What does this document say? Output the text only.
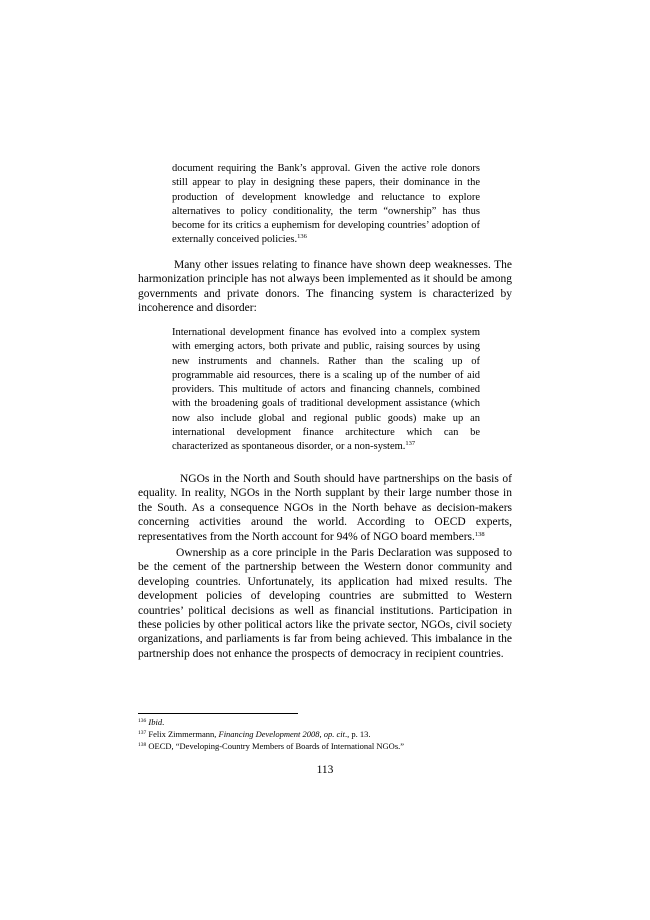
document requiring the Bank’s approval. Given the active role donors still appear to play in designing these papers, their dominance in the production of development knowledge and reluctance to explore alternatives to policy conditionality, the term “ownership” has thus become for its critics a euphemism for developing countries’ adoption of externally conceived policies.$^{136}$

Many other issues relating to finance have shown deep weaknesses. The harmonization principle has not always been implemented as it should be among governments and private donors. The financing system is characterized by incoherence and disorder:

International development finance has evolved into a complex system with emerging actors, both private and public, raising sources by using new instruments and channels. Rather than the scaling up of programmable aid resources, there is a scaling up of the number of aid providers. This multitude of actors and financing channels, combined with the broadening goals of traditional development assistance (which now also include global and regional public goods) make up an international development finance architecture which can be characterized as spontaneous disorder, or a non-system.$^{137}$

NGOs in the North and South should have partnerships on the basis of equality. In reality, NGOs in the North supplant by their large number those in the South. As a consequence NGOs in the North behave as decision-makers concerning activities around the world. According to OECD experts, representatives from the North account for 94% of NGO board members.$^{138}$

Ownership as a core principle in the Paris Declaration was supposed to be the cement of the partnership between the Western donor community and developing countries. Unfortunately, its application had mixed results. The development policies of developing countries are submitted to Western countries’ political decisions as well as financial institutions. Participation in these policies by other political actors like the private sector, NGOs, civil society organizations, and parliaments is far from being achieved. This imbalance in the partnership does not enhance the prospects of democracy in recipient countries.

$^{136}$ Ibid.

$^{137}$ Felix Zimmermann, Financing Development 2008, op. cit., p. 13.

$^{138}$ OECD, “Developing-Country Members of Boards of International NGOs.”

113
